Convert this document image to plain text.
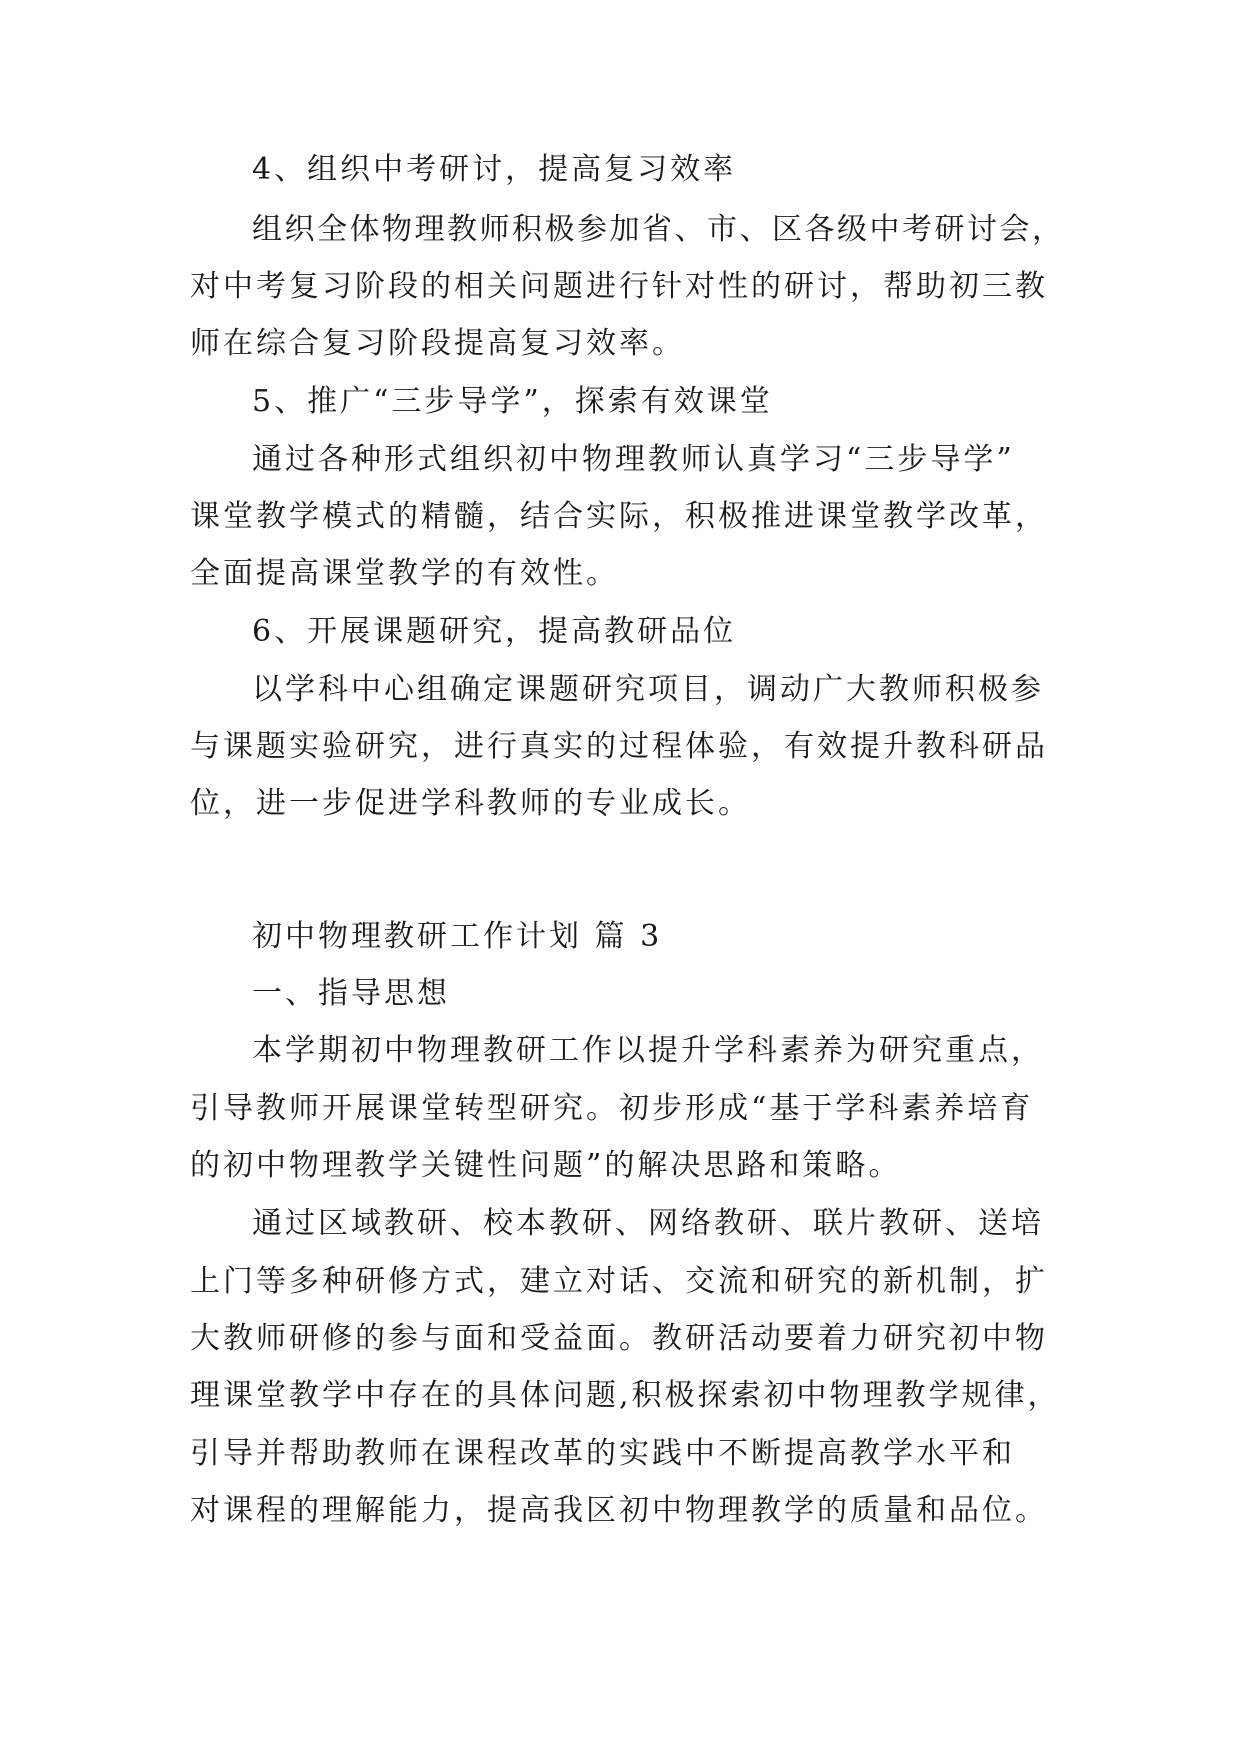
4、组织中考研讨，提高复习效率
组织全体物理教师积极参加省、市、区各级中考研讨会，
对中考复习阶段的相关问题进行针对性的研讨，帮助初三教
师在综合复习阶段提高复习效率。
5、推广“三步导学”，探索有效课堂
通过各种形式组织初中物理教师认真学习“三步导学”
课堂教学模式的精髓，结合实际，积极推进课堂教学改革，
全面提高课堂教学的有效性。
6、开展课题研究，提高教研品位
以学科中心组确定课题研究项目，调动广大教师积极参
与课题实验研究，进行真实的过程体验，有效提升教科研品
位，进一步促进学科教师的专业成长。
初中物理教研工作计划 篇 3
一、指导思想
本学期初中物理教研工作以提升学科素养为研究重点，
引导教师开展课堂转型研究。初步形成“基于学科素养培育
的初中物理教学关键性问题”的解决思路和策略。
通过区域教研、校本教研、网络教研、联片教研、送培
上门等多种研修方式，建立对话、交流和研究的新机制，扩
大教师研修的参与面和受益面。教研活动要着力研究初中物
理课堂教学中存在的具体问题,积极探索初中物理教学规律，
引导并帮助教师在课程改革的实践中不断提高教学水平和
对课程的理解能力，提高我区初中物理教学的质量和品位。
